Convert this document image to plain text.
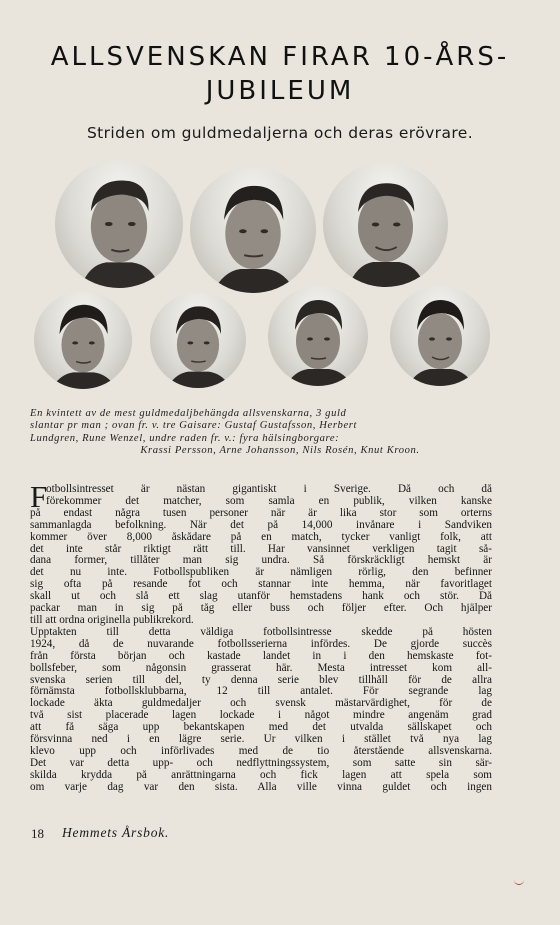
ALLSVENSKAN FIRAR 10-ÅRS-
JUBILEUM
Striden om guldmedaljerna och deras erövrare.
En kvintett av de mest guldmedaljbehängda allsvenskarna, 3 guld
slantar pr man ; ovan fr. v. tre Gaisare: Gustaf Gustafsson, Herbert
Lundgren, Rune Wenzel, undre raden fr. v.: fyra hälsingborgare:
Krassi Persson, Arne Johansson, Nils Rosén, Knut Kroon.
F
otbollsintresset är nästan gigantiskt i Sverige. Då och då
förekommer det matcher, som samla en publik, vilken kanske
på endast några tusen personer när är lika stor som orterns
sammanlagda befolkning. När det på 14,000 invånare i Sandviken
kommer över 8,000 åskådare på en match, tycker vanligt folk, att
det inte står riktigt rätt till. Har vansinnet verkligen tagit så-
dana former, tillåter man sig undra. Så förskräckligt hemskt är
det nu inte. Fotbollspubliken är nämligen rörlig, den befinner
sig ofta på resande fot och stannar inte hemma, när favoritlaget
skall ut och slå ett slag utanför hemstadens hank och stör. Då
packar man in sig på tåg eller buss och följer efter. Och hjälper
till att ordna originella publikrekord.
Upptakten till detta väldiga fotbollsintresse skedde på hösten
1924, då de nuvarande fotbollsserierna infördes. De gjorde succès
från första början och kastade landet in i den hemskaste fot-
bollsfeber, som någonsin grasserat här. Mesta intresset kom all-
svenska serien till del, ty denna serie blev tillhåll för de allra
förnämsta fotbollsklubbarna, 12 till antalet. För segrande lag
lockade äkta guldmedaljer och svensk mästarvärdighet, för de
två sist placerade lagen lockade i något mindre angenäm grad
att få säga upp bekantskapen med det utvalda sällskapet och
försvinna ned i en lägre serie. Ur vilken i stället två nya lag
klevo upp och införlivades med de tio återstående allsvenskarna.
Det var detta upp- och nedflyttningssystem, som satte sin sär-
skilda krydda på anrättningarna och fick lagen att spela som
om varje dag var den sista. Alla ville vinna guldet och ingen
18 Hemmets Årsbok.
